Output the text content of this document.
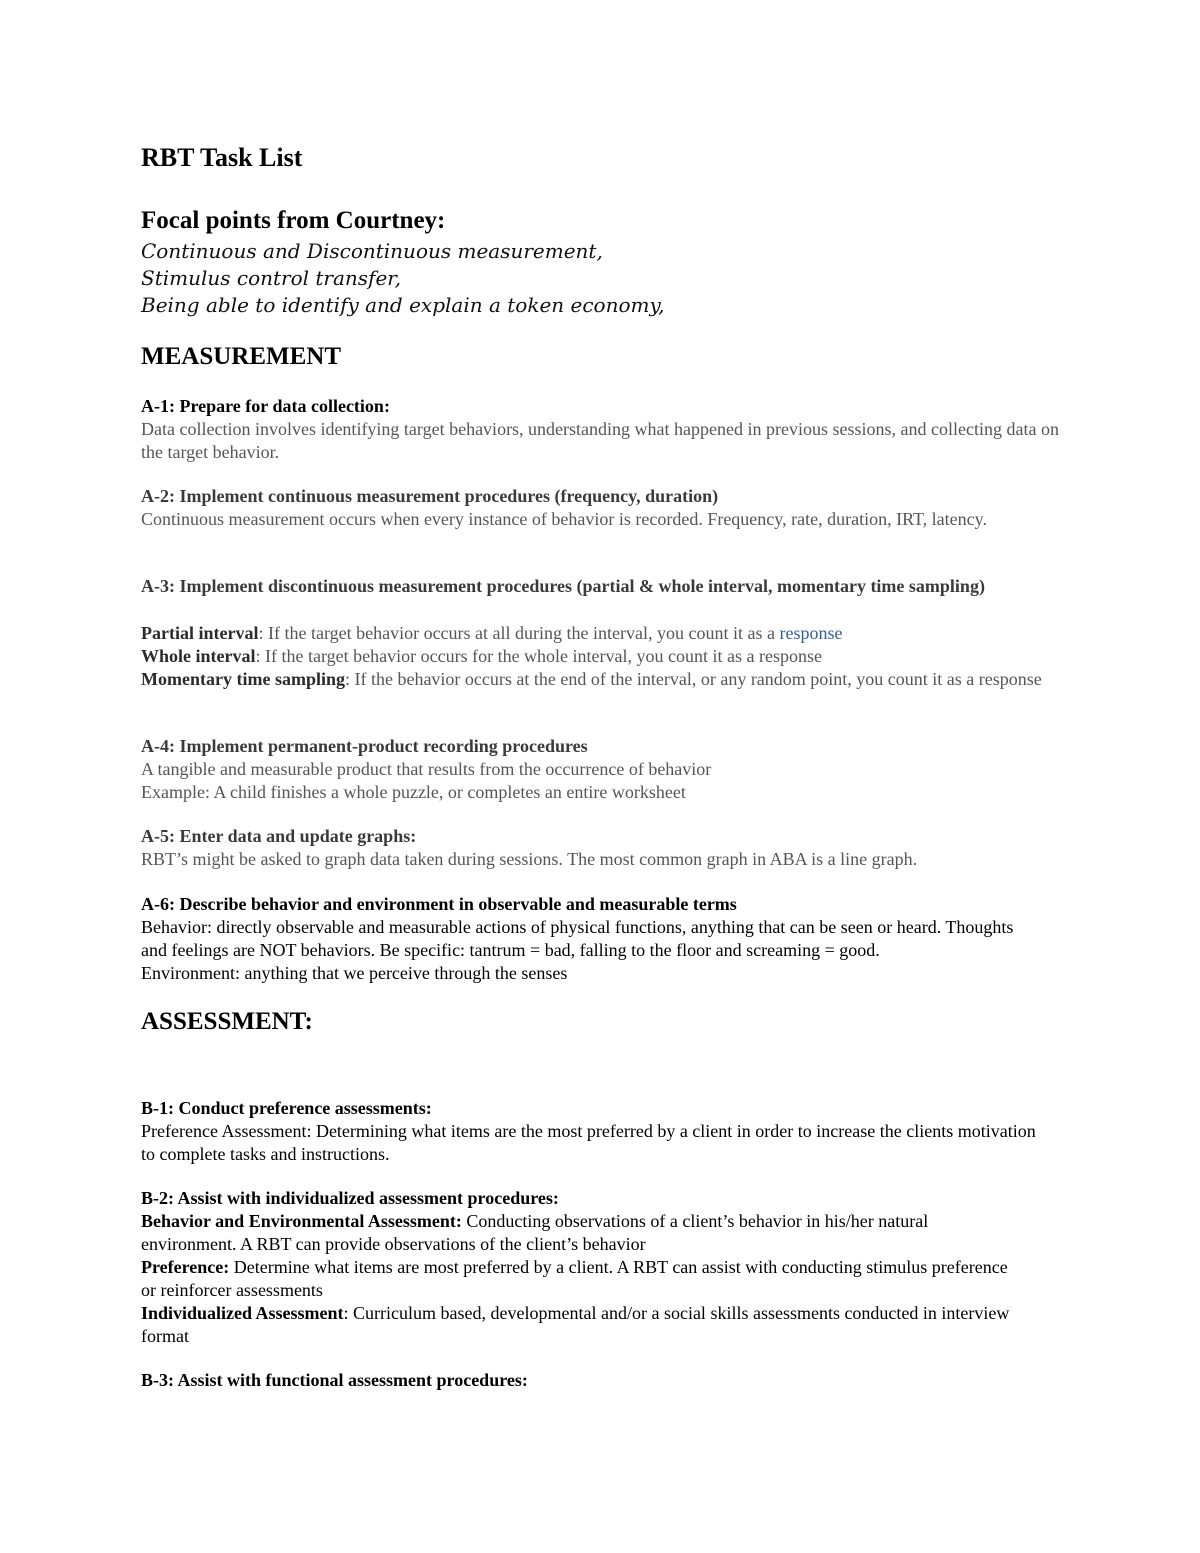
RBT Task List
Focal points from Courtney:

Continuous and Discontinuous measurement,

Stimulus control transfer,

Being able to identify and explain a token economy,

MEASUREMENT
A-1: Prepare for data collection:

Data collection involves identifying target behaviors, understanding what happened in previous sessions, and collecting data on the target behavior.

A-2: Implement continuous measurement procedures (frequency, duration)

Continuous measurement occurs when every instance of behavior is recorded. Frequency, rate, duration, IRT, latency.

A-3: Implement discontinuous measurement procedures (partial & whole interval, momentary time sampling)

Partial interval: If the target behavior occurs at all during the interval, you count it as a response

Whole interval: If the target behavior occurs for the whole interval, you count it as a response

Momentary time sampling: If the behavior occurs at the end of the interval, or any random point, you count it as a response

A-4: Implement permanent-product recording procedures

A tangible and measurable product that results from the occurrence of behavior

Example: A child finishes a whole puzzle, or completes an entire worksheet

A-5: Enter data and update graphs:

RBT’s might be asked to graph data taken during sessions. The most common graph in ABA is a line graph.

A-6: Describe behavior and environment in observable and measurable terms

Behavior: directly observable and measurable actions of physical functions, anything that can be seen or heard. Thoughts and feelings are NOT behaviors. Be specific: tantrum = bad, falling to the floor and screaming = good.

Environment: anything that we perceive through the senses

ASSESSMENT:
B-1: Conduct preference assessments:

Preference Assessment: Determining what items are the most preferred by a client in order to increase the clients motivation to complete tasks and instructions.

B-2: Assist with individualized assessment procedures:

Behavior and Environmental Assessment: Conducting observations of a client’s behavior in his/her natural environment. A RBT can provide observations of the client’s behavior

Preference: Determine what items are most preferred by a client. A RBT can assist with conducting stimulus preference or reinforcer assessments

Individualized Assessment: Curriculum based, developmental and/or a social skills assessments conducted in interview format

B-3: Assist with functional assessment procedures:
